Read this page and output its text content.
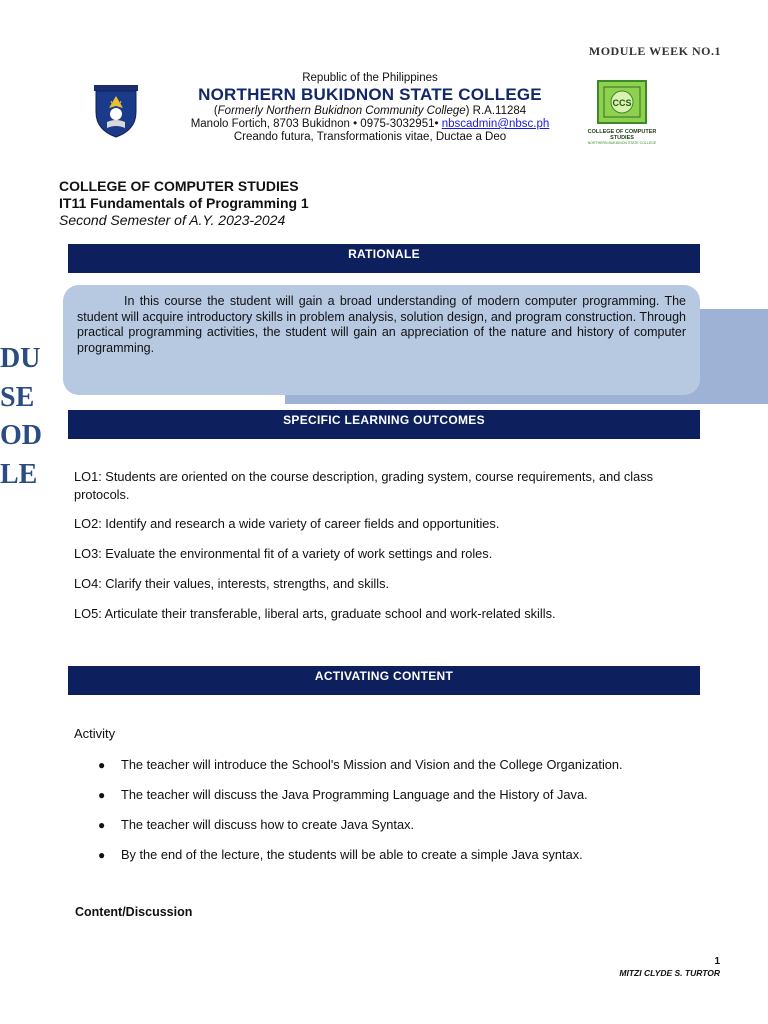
MODULE WEEK NO.1
Republic of the Philippines
NORTHERN BUKIDNON STATE COLLEGE
(Formerly Northern Bukidnon Community College) R.A.11284
Manolo Fortich, 8703 Bukidnon • 0975-3032951• nbscadmin@nbsc.ph
Creando futura, Transformationis vitae, Ductae a Deo
CCS
COLLEGE OF COMPUTER STUDIES
NORTHERN BUKIDNON STATE COLLEGE
COLLEGE OF COMPUTER STUDIES
IT11 Fundamentals of Programming 1
Second Semester of A.Y. 2023-2024
RATIONALE
In this course the student will gain a broad understanding of modern computer programming. The student will acquire introductory skills in problem analysis, solution design, and program construction. Through practical programming activities, the student will gain an appreciation of the nature and history of computer programming.
DU
SE
OD
LE
SPECIFIC LEARNING OUTCOMES
LO1: Students are oriented on the course description, grading system, course requirements, and class protocols.
LO2: Identify and research a wide variety of career fields and opportunities.
LO3: Evaluate the environmental fit of a variety of work settings and roles.
LO4: Clarify their values, interests, strengths, and skills.
LO5: Articulate their transferable, liberal arts, graduate school and work-related skills.
ACTIVATING CONTENT
Activity
● The teacher will introduce the School's Mission and Vision and the College Organization.
● The teacher will discuss the Java Programming Language and the History of Java.
● The teacher will discuss how to create Java Syntax.
● By the end of the lecture, the students will be able to create a simple Java syntax.
Content/Discussion
1
MITZI CLYDE S. TURTOR
